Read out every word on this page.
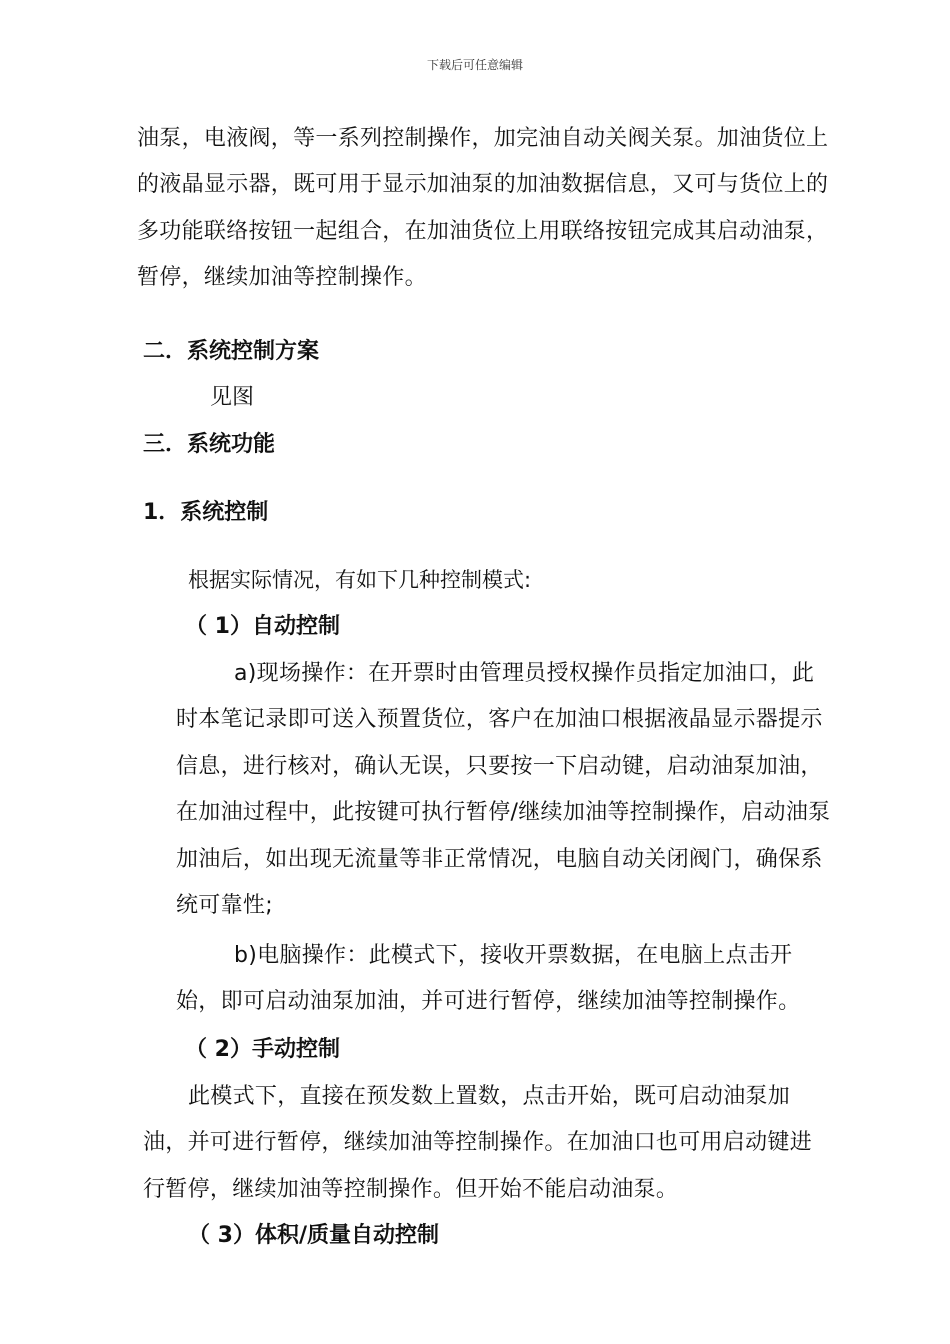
下载后可任意编辑

油泵，电液阀，等一系列控制操作，加完油自动关阀关泵。加油货位上的液晶显示器，既可用于显示加油泵的加油数据信息，又可与货位上的多功能联络按钮一起组合，在加油货位上用联络按钮完成其启动油泵，暂停，继续加油等控制操作。

二．系统控制方案
见图
三．系统功能
1．系统控制
根据实际情况，有如下几种控制模式:
（ 1）自动控制

a)现场操作：在开票时由管理员授权操作员指定加油口，此时本笔记录即可送入预置货位，客户在加油口根据液晶显示器提示信息，进行核对，确认无误，只要按一下启动键，启动油泵加油，在加油过程中，此按键可执行暂停/继续加油等控制操作，启动油泵加油后，如出现无流量等非正常情况，电脑自动关闭阀门，确保系统可靠性;

b)电脑操作：此模式下，接收开票数据，在电脑上点击开始，即可启动油泵加油，并可进行暂停，继续加油等控制操作。

（ 2）手动控制

此模式下，直接在预发数上置数，点击开始，既可启动油泵加油，并可进行暂停，继续加油等控制操作。在加油口也可用启动键进行暂停，继续加油等控制操作。但开始不能启动油泵。

（ 3）体积/质量自动控制
